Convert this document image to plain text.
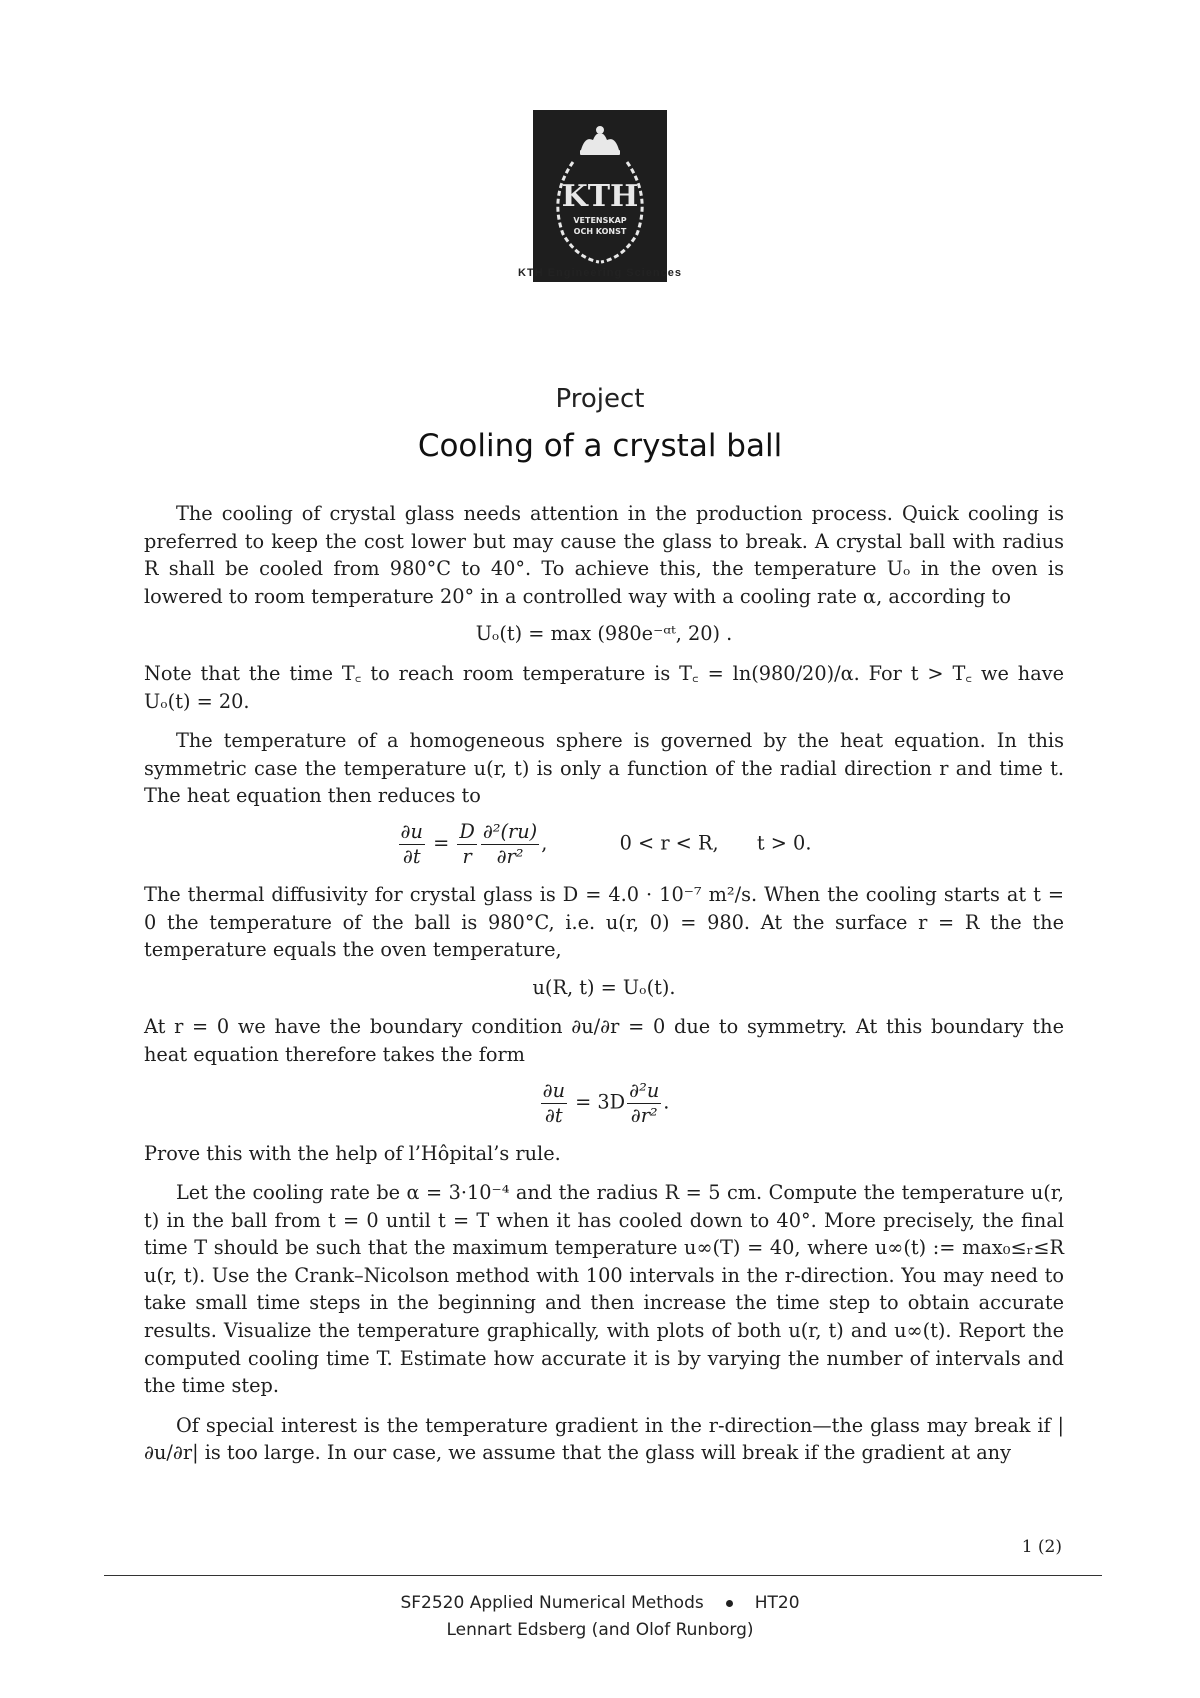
KTH
VETENSKAP
OCH KONST
KTH Engineering Sciences
Project
Cooling of a crystal ball

The cooling of crystal glass needs attention in the production process. Quick cooling is preferred to keep the cost lower but may cause the glass to break. A crystal ball with radius R shall be cooled from 980°C to 40°. To achieve this, the temperature Uₒ in the oven is lowered to room temperature 20° in a controlled way with a cooling rate α, according to

Uₒ(t) = max (980e⁻ᵅᵗ, 20) .

Note that the time T꜀ to reach room temperature is T꜀ = ln(980/20)/α. For t > T꜀ we have Uₒ(t) = 20.

The temperature of a homogeneous sphere is governed by the heat equation. In this symmetric case the temperature u(r, t) is only a function of the radial direction r and time t. The heat equation then reduces to

$\frac{\partial u}{\partial t} = \frac{D}{r} \frac{\text{∂²(ru)}}{\text{∂r²}}$ ,	0 < r < R, t > 0.

The thermal diffusivity for crystal glass is D = 4.0 · 10⁻⁷ m²/s. When the cooling starts at t = 0 the temperature of the ball is 980°C, i.e. u(r, 0) = 980. At the surface r = R the the temperature equals the oven temperature,

u(R, t) = Uₒ(t).

At r = 0 we have the boundary condition ∂u/∂r = 0 due to symmetry. At this boundary the heat equation therefore takes the form

$\frac{\partial u}{\partial t} = 3D \frac{\text{∂²u}}{\text{∂r²}}$ .

Prove this with the help of l’Hôpital’s rule.

Let the cooling rate be α = 3·10⁻⁴ and the radius R = 5 cm. Compute the temperature u(r, t) in the ball from t = 0 until t = T when it has cooled down to 40°. More precisely, the final time T should be such that the maximum temperature u∞(T) = 40, where u∞(t) := max₀≤ᵣ≤R u(r, t). Use the Crank–Nicolson method with 100 intervals in the r-direction. You may need to take small time steps in the beginning and then increase the time step to obtain accurate results. Visualize the temperature graphically, with plots of both u(r, t) and u∞(t). Report the computed cooling time T. Estimate how accurate it is by varying the number of intervals and the time step.

Of special interest is the temperature gradient in the r-direction—the glass may break if |∂u/∂r| is too large. In our case, we assume that the glass will break if the gradient at any

1 (2)
SF2520 Applied Numerical Methods	HT20
Lennart Edsberg (and Olof Runborg)
